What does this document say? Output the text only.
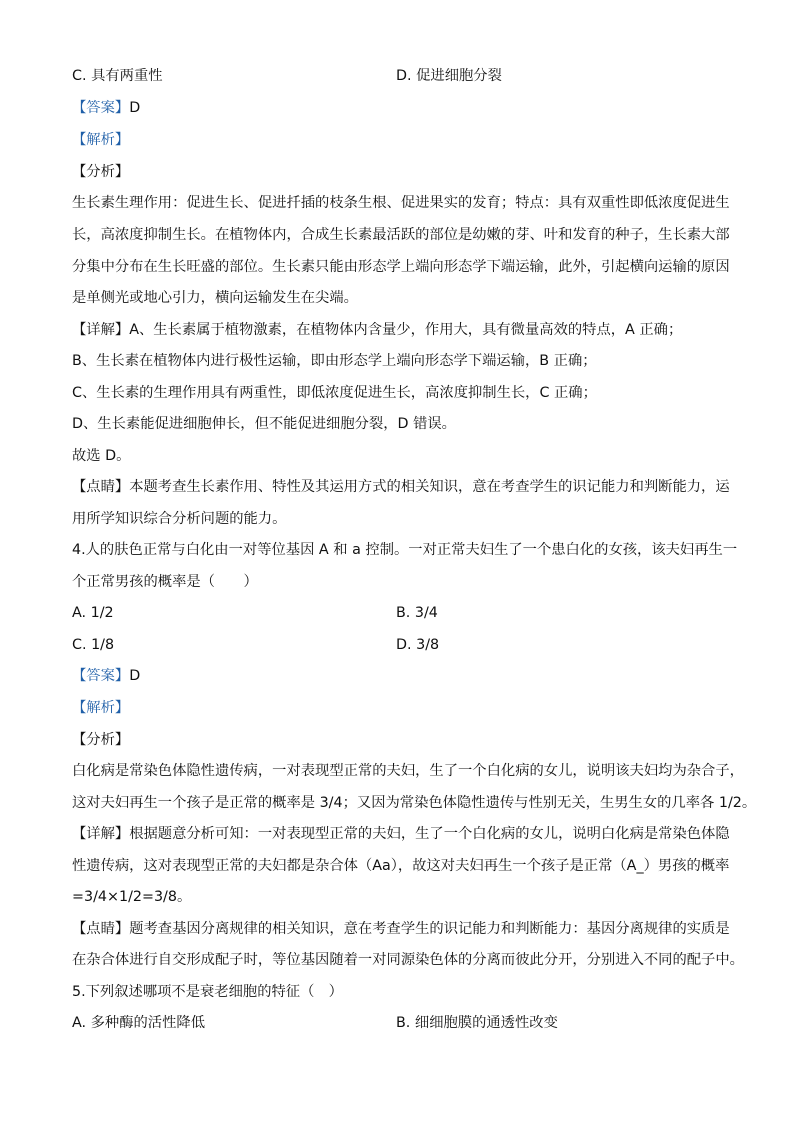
C. 具有两重性	D. 促进细胞分裂
【答案】D
【解析】
【分析】
生长素生理作用：促进生长、促进扦插的枝条生根、促进果实的发育；特点：具有双重性即低浓度促进生
长，高浓度抑制生长。在植物体内，合成生长素最活跃的部位是幼嫩的芽、叶和发育的种子，生长素大部
分集中分布在生长旺盛的部位。生长素只能由形态学上端向形态学下端运输，此外，引起横向运输的原因
是单侧光或地心引力，横向运输发生在尖端。
【详解】A、生长素属于植物激素，在植物体内含量少，作用大，具有微量高效的特点，A 正确；
B、生长素在植物体内进行极性运输，即由形态学上端向形态学下端运输，B 正确；
C、生长素的生理作用具有两重性，即低浓度促进生长，高浓度抑制生长，C 正确；
D、生长素能促进细胞伸长，但不能促进细胞分裂，D 错误。
故选 D。
【点睛】本题考查生长素作用、特性及其运用方式的相关知识，意在考查学生的识记能力和判断能力，运
用所学知识综合分析问题的能力。
4.人的肤色正常与白化由一对等位基因 A 和 a 控制。一对正常夫妇生了一个患白化的女孩，该夫妇再生一
个正常男孩的概率是（　　）
A. 1/2	B. 3/4
C. 1/8	D. 3/8
【答案】D
【解析】
【分析】
白化病是常染色体隐性遗传病，一对表现型正常的夫妇，生了一个白化病的女儿，说明该夫妇均为杂合子，
这对夫妇再生一个孩子是正常的概率是 3/4；又因为常染色体隐性遗传与性别无关，生男生女的几率各 1/2。
【详解】根据题意分析可知：一对表现型正常的夫妇，生了一个白化病的女儿，说明白化病是常染色体隐
性遗传病，这对表现型正常的夫妇都是杂合体（Aa），故这对夫妇再生一个孩子是正常（A_）男孩的概率
=3/4×1/2=3/8。
【点睛】题考查基因分离规律的相关知识，意在考查学生的识记能力和判断能力：基因分离规律的实质是
在杂合体进行自交形成配子时，等位基因随着一对同源染色体的分离而彼此分开，分别进入不同的配子中。
5.下列叙述哪项不是衰老细胞的特征（　）
A. 多种酶的活性降低	B. 细细胞膜的通透性改变
